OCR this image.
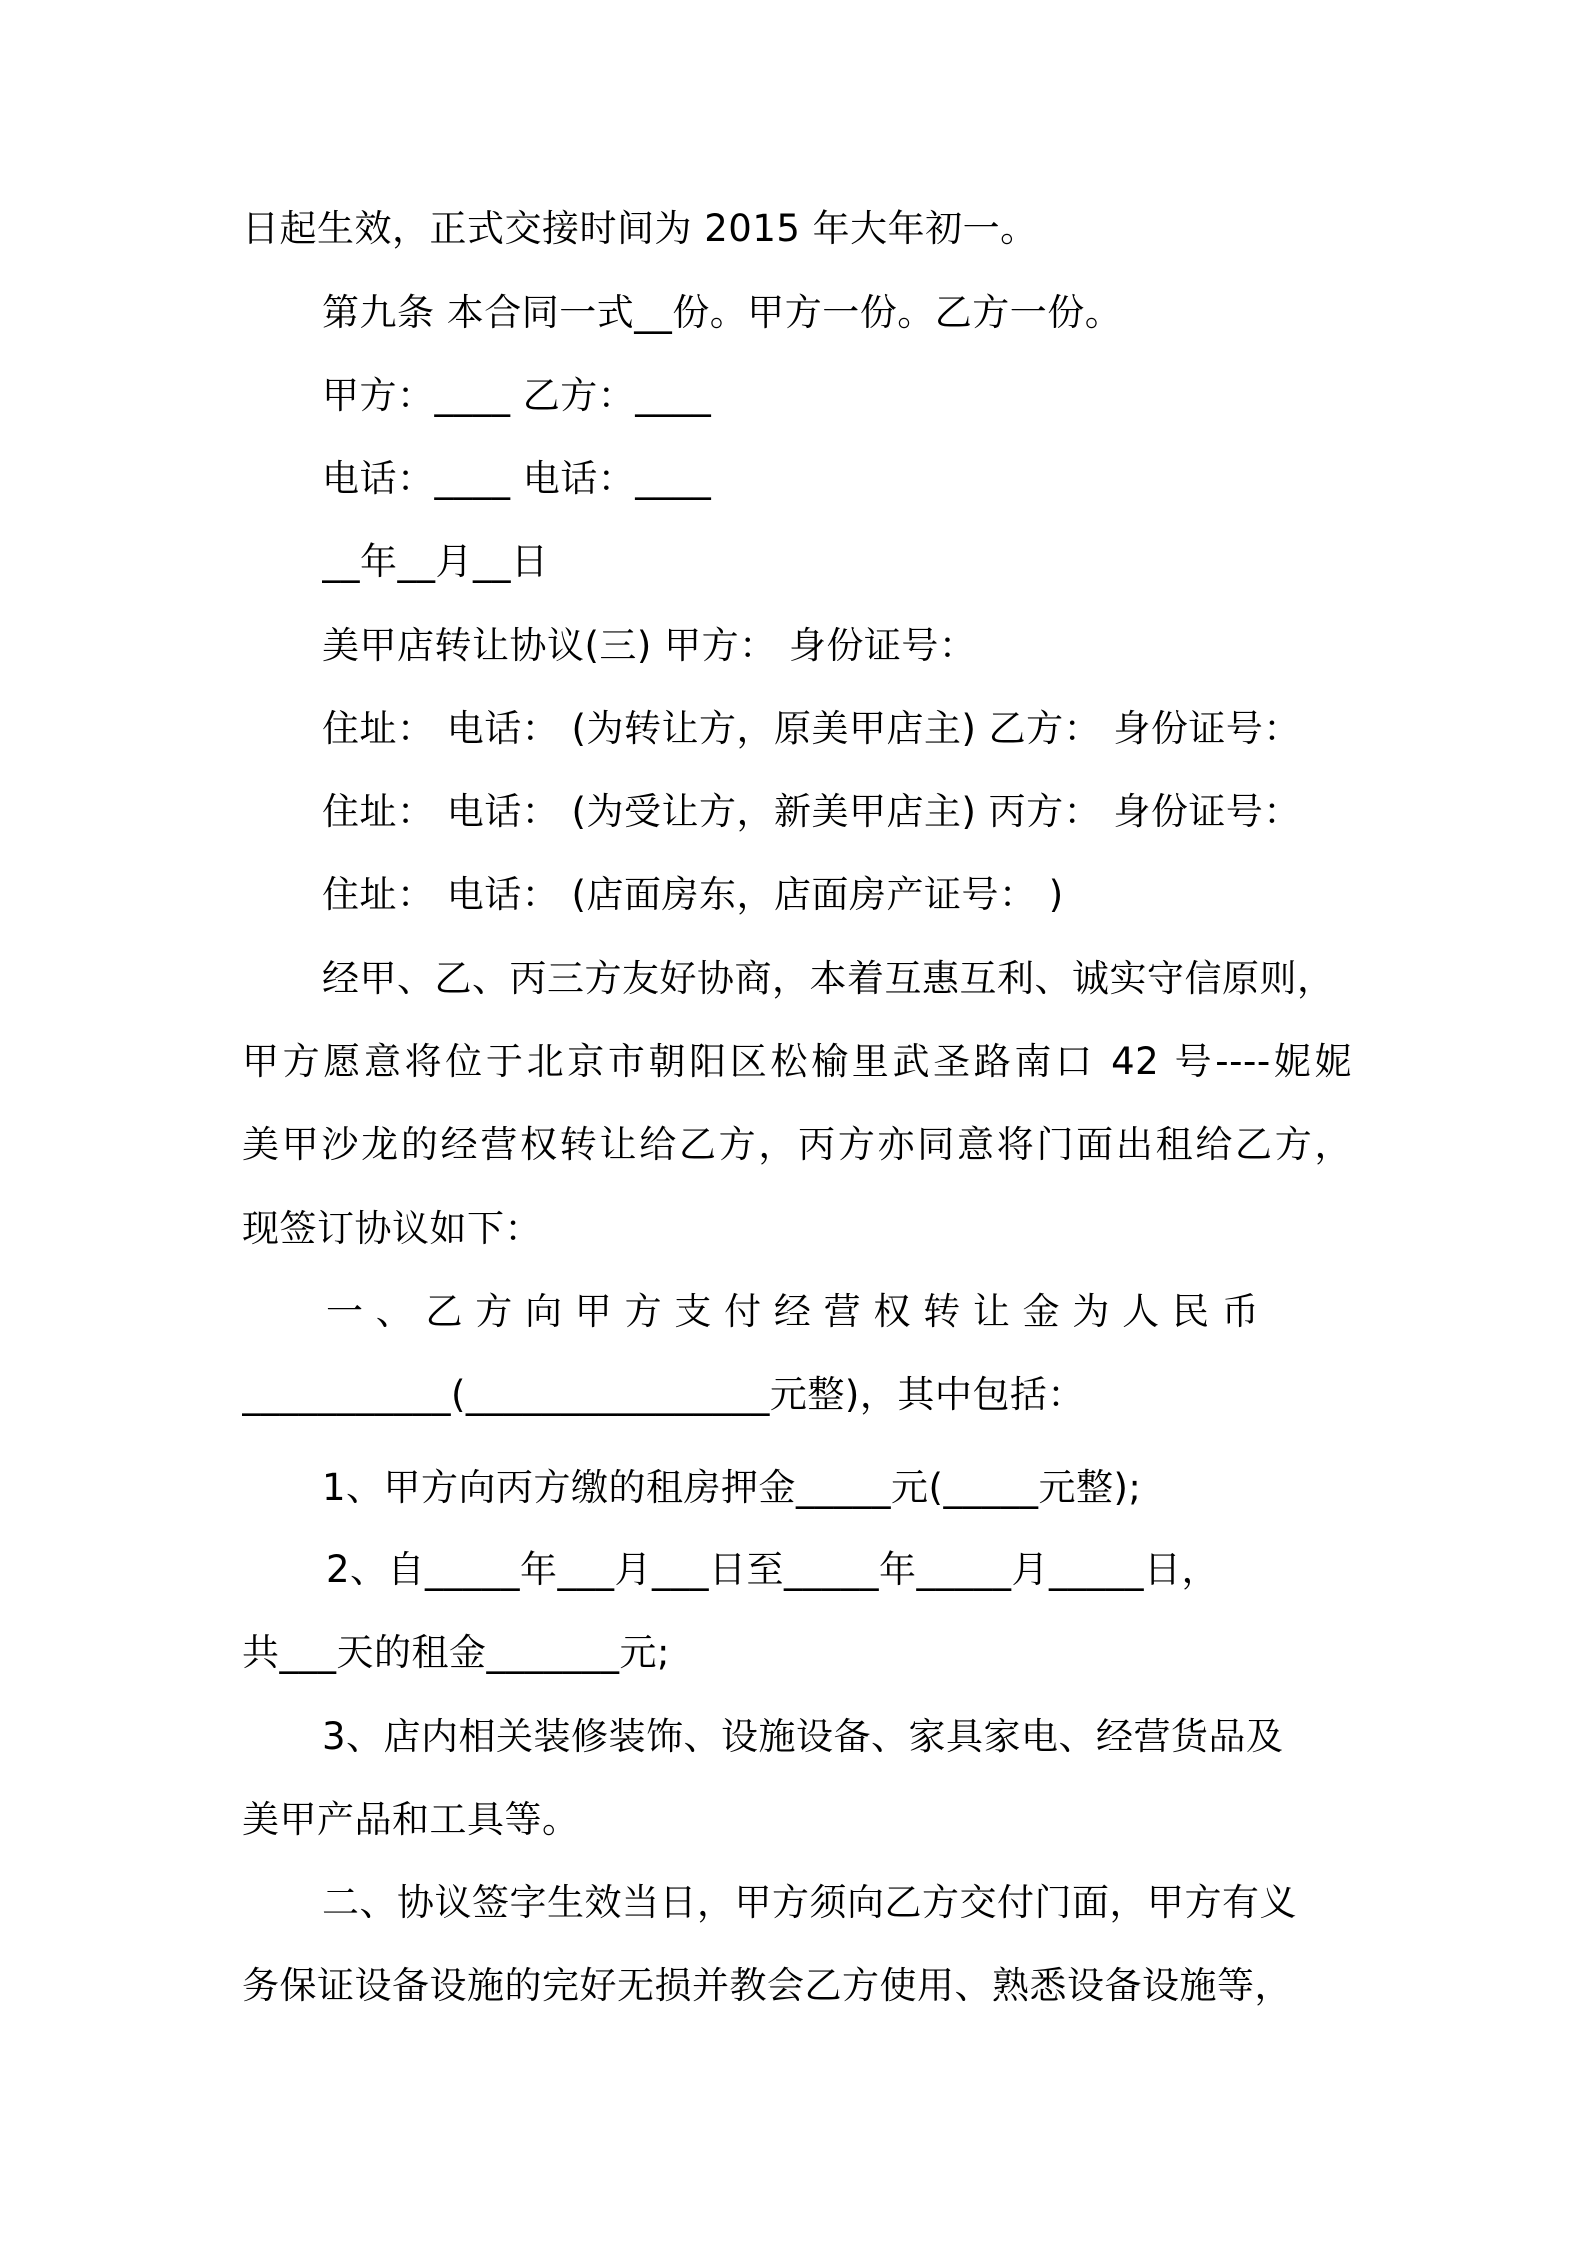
日起生效，正式交接时间为 2015 年大年初一。
第九条 本合同一式__份。甲方一份。乙方一份。
甲方：____ 乙方：____
电话：____ 电话：____
__年__月__日
美甲店转让协议(三) 甲方： 身份证号：
住址： 电话： (为转让方，原美甲店主) 乙方： 身份证号：
住址： 电话： (为受让方，新美甲店主) 丙方： 身份证号：
住址： 电话： (店面房东，店面房产证号： )
经甲、乙、丙三方友好协商，本着互惠互利、诚实守信原则，
甲方愿意将位于北京市朝阳区松榆里武圣路南口 42 号----妮妮
美甲沙龙的经营权转让给乙方，丙方亦同意将门面出租给乙方，
现签订协议如下：
一 、 乙 方 向 甲 方 支 付 经 营 权 转 让 金 为 人 民 币
___________(________________元整)，其中包括：
1、甲方向丙方缴的租房押金_____元(_____元整);
2、自_____年___月___日至_____年_____月_____日，
共___天的租金_______元;
3、店内相关装修装饰、设施设备、家具家电、经营货品及
美甲产品和工具等。
二、协议签字生效当日，甲方须向乙方交付门面，甲方有义
务保证设备设施的完好无损并教会乙方使用、熟悉设备设施等，
